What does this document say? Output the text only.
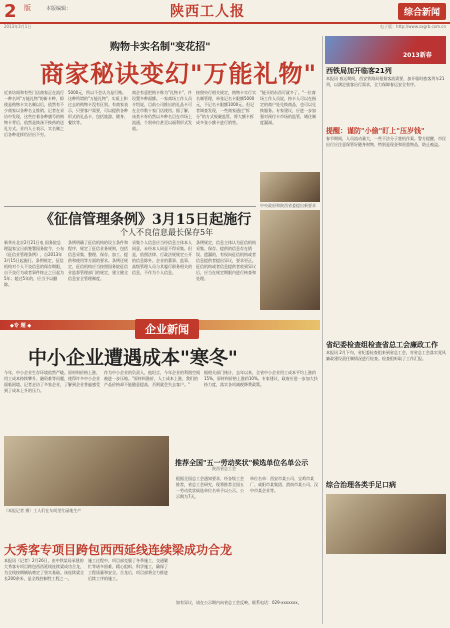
2 版	本版编辑：	陕西工人报	综合新闻
2013年3月1日	电子版：http://www.sxgrb.com.cn
购物卡实名制"变花招"
商家秘诀变幻"万能礼物"
近来坊间和有些门店商家正在流行一种名叫"万能礼物"的新卡种，即使是购物卡实名制以后，依然有不少商家以各种名义推销。记者在采访中发现，这些打着各种旗号的购物卡背后，依然是换汤不换药的送礼方式。业内人士表示，实名制之后各种花样仍层出不穷。
5000元，所以不会认为是行贿。这种所谓的"万能礼物"，实质上和过去的购物卡没有区别。有商家表示，只要客户需要，可以提供各种形式的礼品卡，包括旅游、健身、餐饮等。
商企有意把购卡称为"礼物卡"，并设置多种面额。一家商场工作人员介绍说，目前公司推出的礼品卡可在全市数十家门店使用。据了解，该类卡券仍然以多种名目在市场上流通，个别单位甚至以福利形式发放。
按照央行相关规定，购物卡实行实名制管理，单张记名卡限额5000元，不记名卡限额1000元。但记者调查发现，一些商家通过"拆分"的方式规避监管，将大额卡拆成多张小额卡进行销售。
"能买的东西可就多了。"一位商场工作人员说，持卡人可以在指定的商户处兑换商品，也可以兑换服务。专家建议，应进一步加强对预付卡市场的监管，堵住制度漏洞。
中央政府和陕西省委提出新要求
《征信管理条例》3月15日起施行
个人不良信息最长保存5年
新华社北京2月21日电 国务院总理温家宝日前签署国务院令，公布《征信业管理条例》，自2013年3月15日起施行。条例规定，征信机构对个人不良信息的保存期限，自不良行为或者事件终止之日起为5年；超过5年的，应当予以删除。
条例明确了征信机构的设立条件和程序，规定了征信业务规则，包括信息采集、整理、保存、加工、提供和使用等方面的要求。条例还规定，征信机构应当按照国务院征信业监督管理部门的规定，建立健全信息安全管理制度。
采集个人信息应当经信息主体本人同意，未经本人同意不得采集。但是，依照法律、行政法规规定公开的信息除外。企业的董事、监事、高级管理人员与其履行职务相关的信息，不作为个人信息。
条例规定，信息主体认为征信机构采集、保存、提供的信息存在错误、遗漏的，有权向征信机构或者信息提供者提出异议，要求更正。征信机构或者信息提供者收到异议后，应当在规定期限内进行核查和处理。
◆专 题 ◆	企业新闻
中小企业遭遇成本"寒冬"
今年，中小企业生存环境依然严峻。原材料价格上涨、用工成本持续攀升、融资难等问题，使得许多中小企业面临困境。记者走访了多家企业，了解到企业普遍感受到了成本上升的压力。
作为中小企业的负责人，他坦言，今年企业的利润空间被进一步压缩。"原材料涨价，人工成本上涨，我们的产品价格却不能随意提高，否则就会失去客户。"
据相关部门统计，去年以来，全省中小企业用工成本平均上涨约15%，原材料价格上涨约10%。专家建议，政府应进一步加大扶持力度，落实各项减税降费政策。
（本报记者 摄）工人们在车间里忙碌地生产
推荐全国"五一劳动奖状"候选单位名单公示
陕西省总工会
根据全国总工会通知要求，经各级工会推荐，省总工会研究，现将推荐全国五一劳动奖状候选单位名单予以公示。公示期为7天。
单位名单：西安市某公司、宝鸡市某厂、咸阳市某集团、渭南市某公司、汉中市某企业等。
如有异议，请在公示期内向省总工会反映。联系电话：029-xxxxxxx。
大秀客专项目跨包西西延线连续梁成功合龙
本报讯（记者）2月26日，由中铁某局承建的大秀客专项目跨包西西延线连续梁成功合龙，为全线按期铺轨奠定了坚实基础。该连续梁全长200余米，是全线控制性工程之一。
施工过程中，项目部克服了冬季施工、交通繁忙等诸多困难，精心组织、科学施工，确保了工程质量和安全。合龙后，项目部将全力推进后续工序的施工。
2013新春
西铁局加开临客21列
本报讯 春运期间，西安铁路局根据客流需要，加开临时旅客列车21列，以满足旅客出行需求，全力保障春运安全有序。
提醒：谨防"小偷"盯上"压岁钱"
春节期间，人员流动量大，一些不法分子趁机作案。警方提醒，市民出行应注意保管好随身财物，特别是现金和贵重物品，防止被盗。
省纪委检查组检查省总工会廉政工作
本报讯 2月下旬，省纪委检查组来到省总工会，对省总工会落实党风廉政建设责任制情况进行检查。检查组听取了工作汇报。
综合治理各类手足口病
